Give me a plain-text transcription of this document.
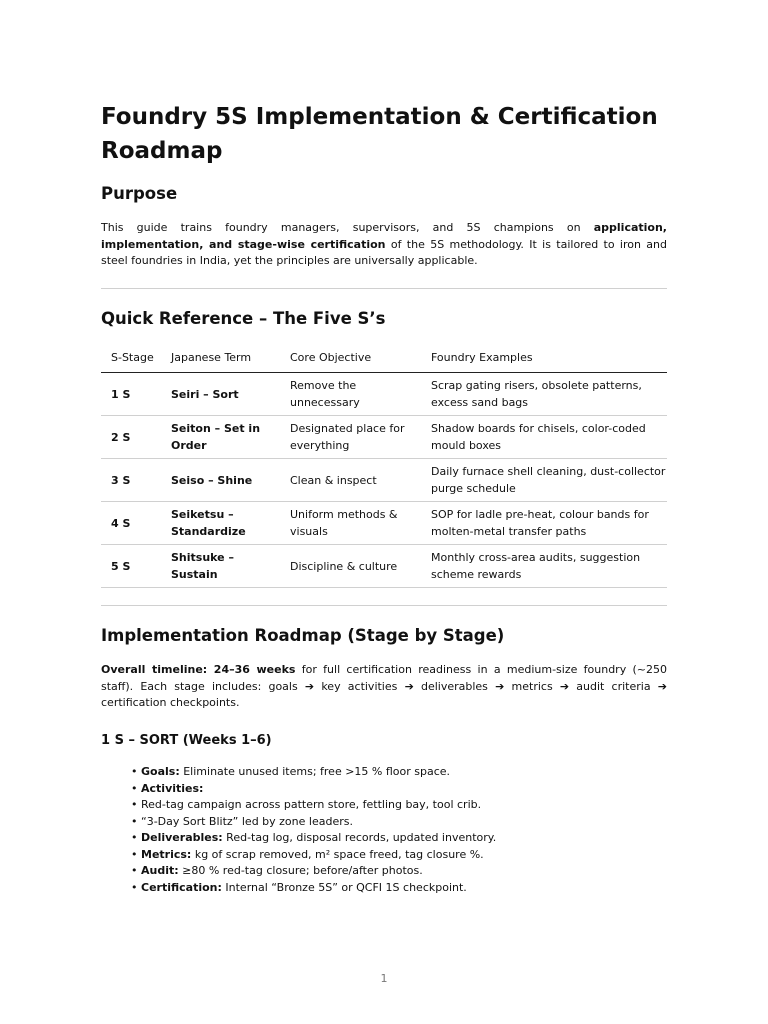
Foundry 5S Implementation & Certification Roadmap
Purpose

This guide trains foundry managers, supervisors, and 5S champions on application, implementation, and stage-wise certification of the 5S methodology. It is tailored to iron and steel foundries in India, yet the principles are universally applicable.

Quick Reference – The Five S’s
S-Stage	Japanese Term	Core Objective	Foundry Examples
1 S	Seiri – Sort	Remove the unnecessary	Scrap gating risers, obsolete patterns, excess sand bags
2 S	Seiton – Set in Order	Designated place for everything	Shadow boards for chisels, color-coded mould boxes
3 S	Seiso – Shine	Clean & inspect	Daily furnace shell cleaning, dust-collector purge schedule
4 S	Seiketsu – Standardize	Uniform methods & visuals	SOP for ladle pre-heat, colour bands for molten-metal transfer paths
5 S	Shitsuke – Sustain	Discipline & culture	Monthly cross-area audits, suggestion scheme rewards
Implementation Roadmap (Stage by Stage)

Overall timeline: 24–36 weeks for full certification readiness in a medium-size foundry (~250 staff). Each stage includes: goals ➔ key activities ➔ deliverables ➔ metrics ➔ audit criteria ➔ certification checkpoints.

1 S – SORT (Weeks 1–6)
• Goals: Eliminate unused items; free >15 % floor space.
• Activities:
• Red-tag campaign across pattern store, fettling bay, tool crib.
• “3-Day Sort Blitz” led by zone leaders.
• Deliverables: Red-tag log, disposal records, updated inventory.
• Metrics: kg of scrap removed, m² space freed, tag closure %.
• Audit: ≥80 % red-tag closure; before/after photos.
• Certification: Internal “Bronze 5S” or QCFI 1S checkpoint.
1
